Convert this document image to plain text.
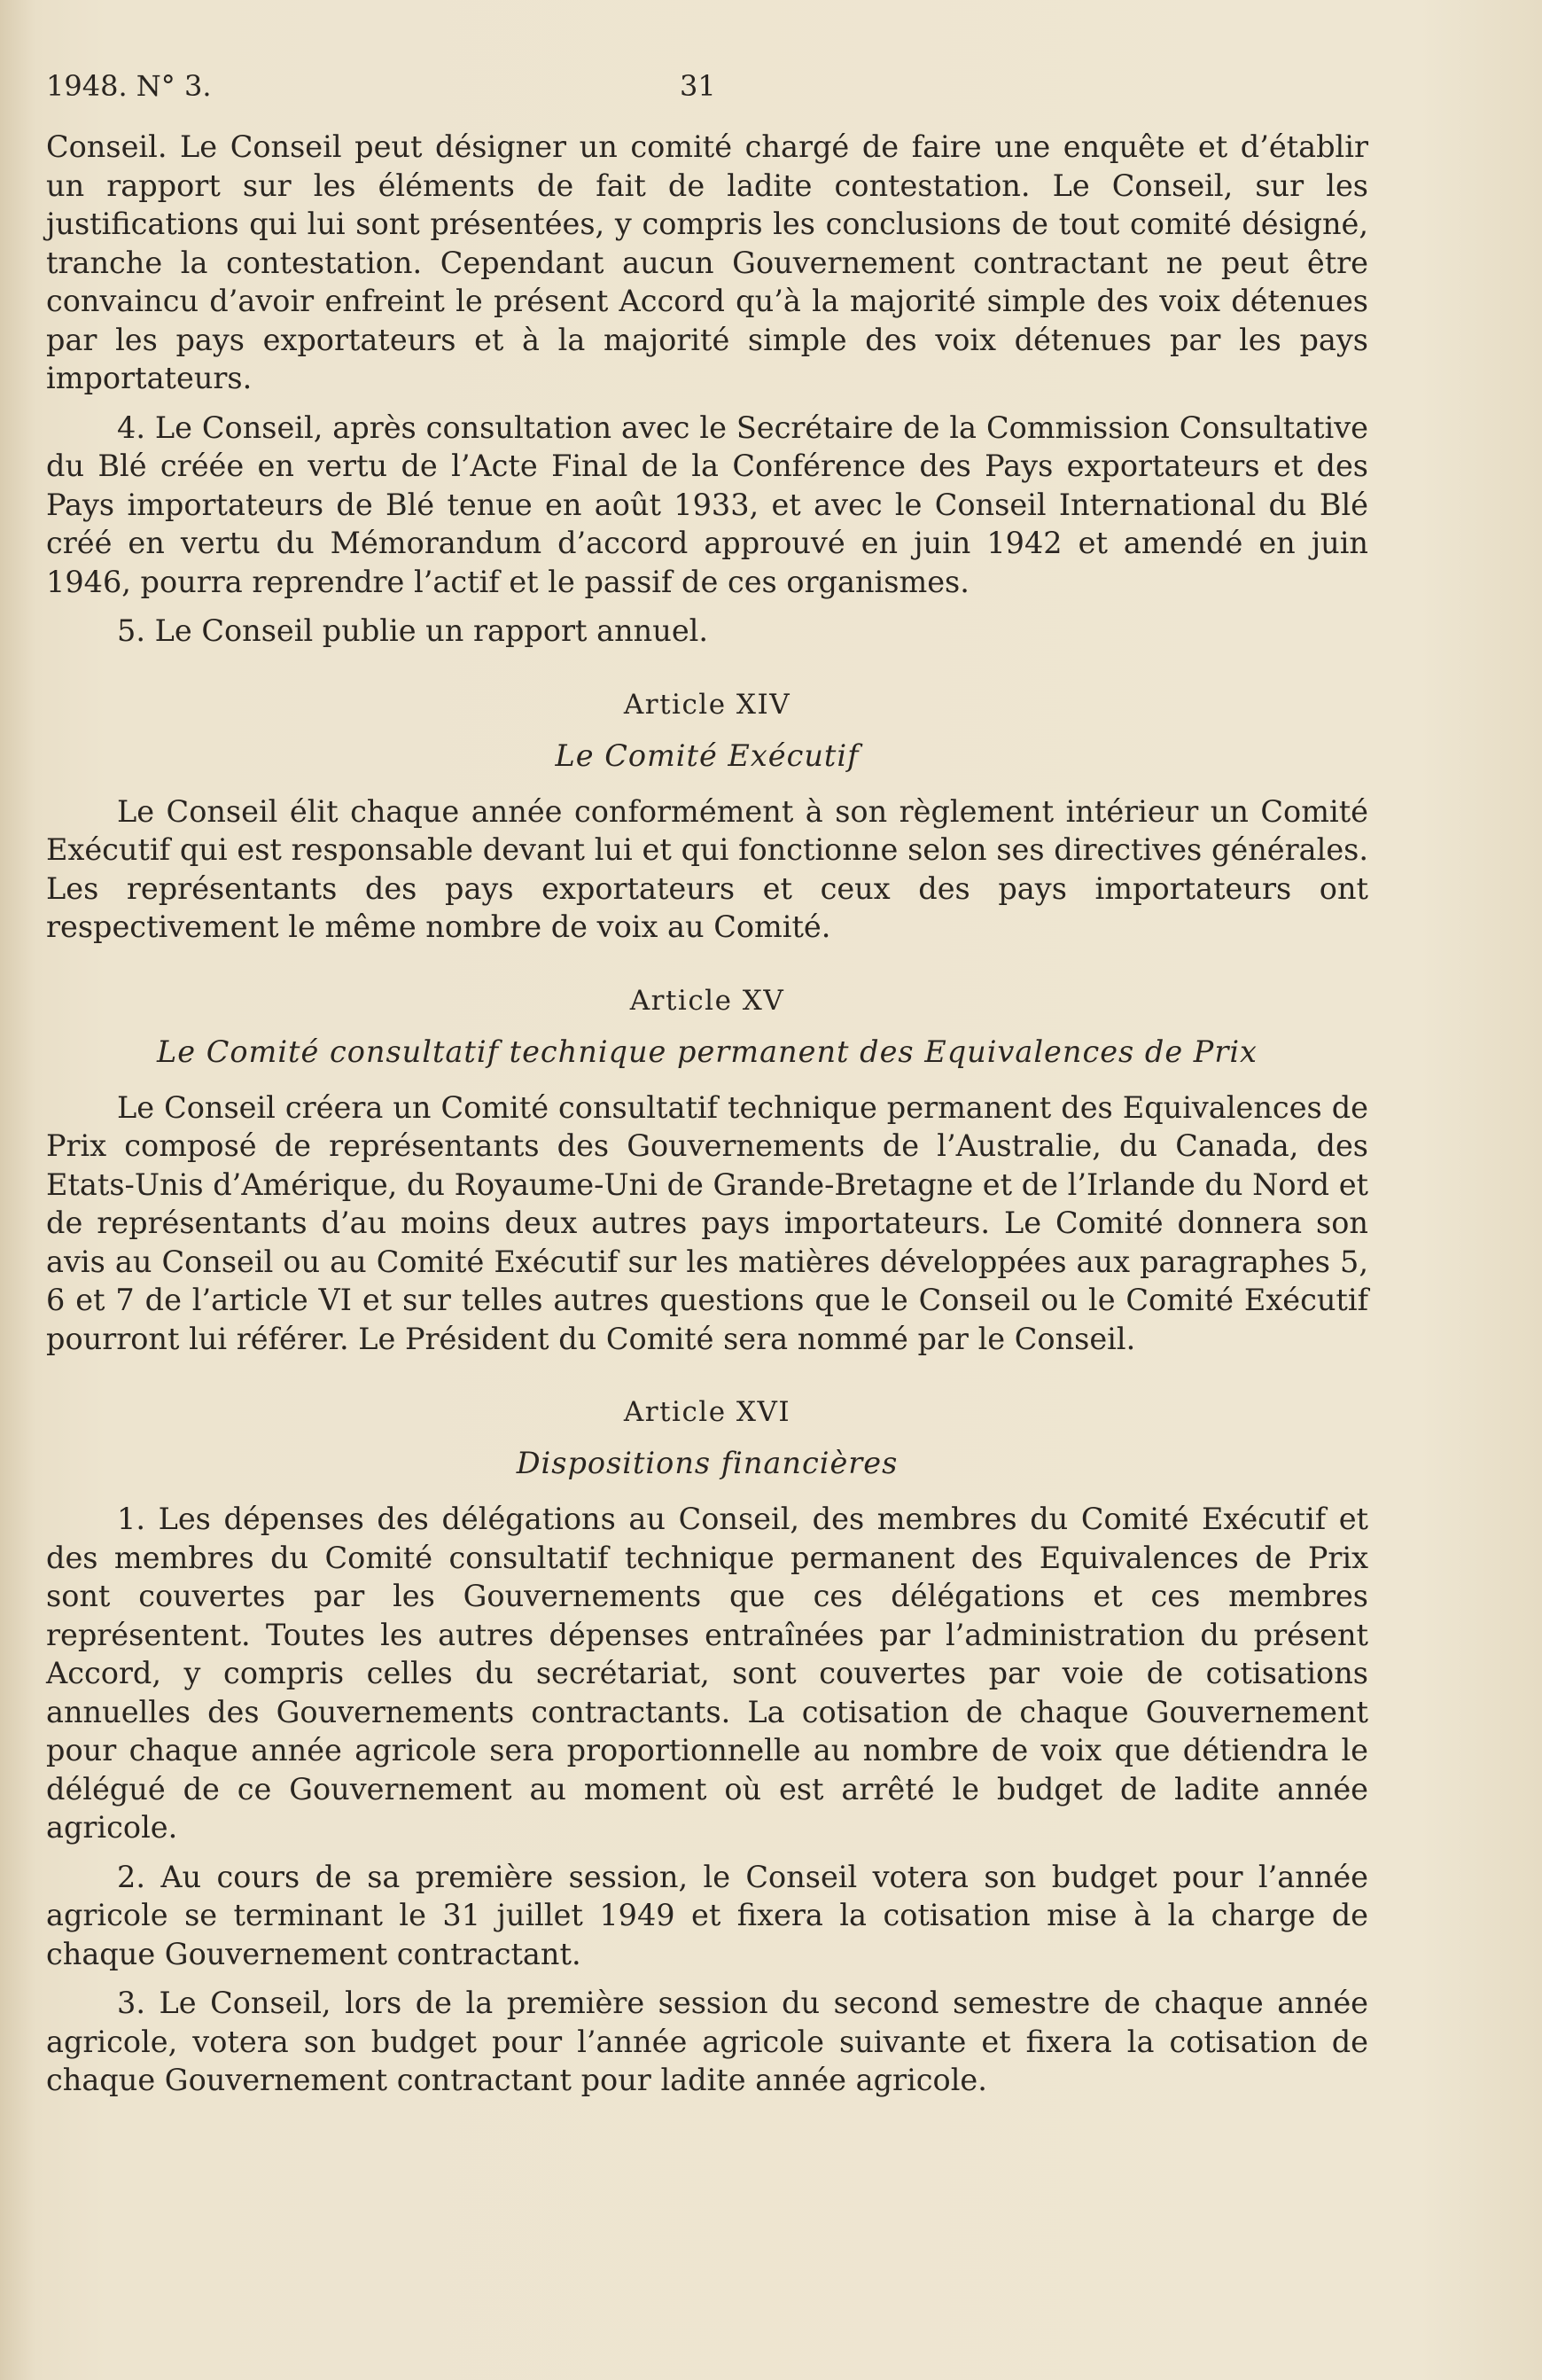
1948. N° 3.	31

Conseil. Le Conseil peut désigner un comité chargé de faire une enquête et d’établir un rapport sur les éléments de fait de ladite contestation. Le Conseil, sur les justifications qui lui sont présentées, y compris les conclusions de tout comité désigné, tranche la contestation. Cependant aucun Gouvernement contractant ne peut être convaincu d’avoir enfreint le présent Accord qu’à la majorité simple des voix détenues par les pays exportateurs et à la majorité simple des voix détenues par les pays importateurs.

4. Le Conseil, après consultation avec le Secrétaire de la Commission Consultative du Blé créée en vertu de l’Acte Final de la Conférence des Pays exportateurs et des Pays importateurs de Blé tenue en août 1933, et avec le Conseil International du Blé créé en vertu du Mémorandum d’accord approuvé en juin 1942 et amendé en juin 1946, pourra reprendre l’actif et le passif de ces organismes.

5. Le Conseil publie un rapport annuel.

Article XIV
Le Comité Exécutif

Le Conseil élit chaque année conformément à son règlement intérieur un Comité Exécutif qui est responsable devant lui et qui fonctionne selon ses directives générales. Les représentants des pays exportateurs et ceux des pays importateurs ont respectivement le même nombre de voix au Comité.

Article XV
Le Comité consultatif technique permanent des Equivalences de Prix

Le Conseil créera un Comité consultatif technique permanent des Equivalences de Prix composé de représentants des Gouvernements de l’Australie, du Canada, des Etats-Unis d’Amérique, du Royaume-Uni de Grande-Bretagne et de l’Irlande du Nord et de représentants d’au moins deux autres pays importateurs. Le Comité donnera son avis au Conseil ou au Comité Exécutif sur les matières développées aux paragraphes 5, 6 et 7 de l’article VI et sur telles autres questions que le Conseil ou le Comité Exécutif pourront lui référer. Le Président du Comité sera nommé par le Conseil.

Article XVI
Dispositions financières

1. Les dépenses des délégations au Conseil, des membres du Comité Exécutif et des membres du Comité consultatif technique permanent des Equivalences de Prix sont couvertes par les Gouvernements que ces délégations et ces membres représentent. Toutes les autres dépenses entraînées par l’administration du présent Accord, y compris celles du secrétariat, sont couvertes par voie de cotisations annuelles des Gouvernements contractants. La cotisation de chaque Gouvernement pour chaque année agricole sera proportionnelle au nombre de voix que détiendra le délégué de ce Gouvernement au moment où est arrêté le budget de ladite année agricole.

2. Au cours de sa première session, le Conseil votera son budget pour l’année agricole se terminant le 31 juillet 1949 et fixera la cotisation mise à la charge de chaque Gouvernement contractant.

3. Le Conseil, lors de la première session du second semestre de chaque année agricole, votera son budget pour l’année agricole suivante et fixera la cotisation de chaque Gouvernement contractant pour ladite année agricole.
